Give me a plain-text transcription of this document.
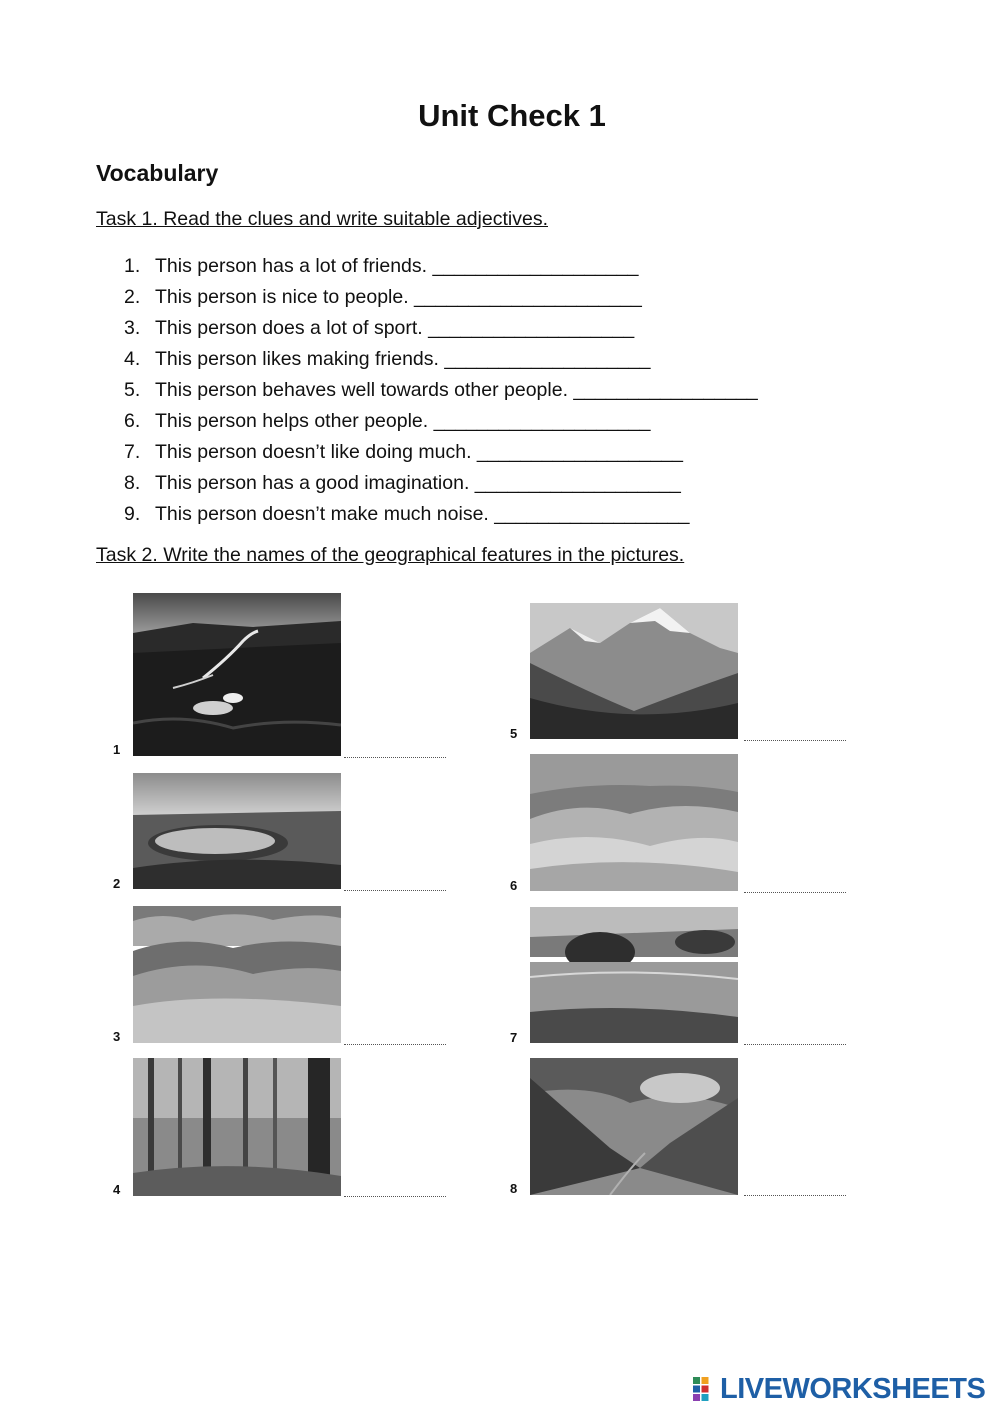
Unit Check 1
Vocabulary

Task 1. Read the clues and write suitable adjectives.

1. This person has a lot of friends. ___________________
2. This person is nice to people. _____________________
3. This person does a lot of sport. ___________________
4. This person likes making friends. ___________________
5. This person behaves well towards other people. _________________
6. This person helps other people. ____________________
7. This person doesn’t like doing much. ___________________
8. This person has a good imagination. ___________________
9. This person doesn’t make much noise. __________________

Task 2. Write the names of the geographical features in the pictures.

1
2
3
4
5
6
7
8
LIVEWORKSHEETS
